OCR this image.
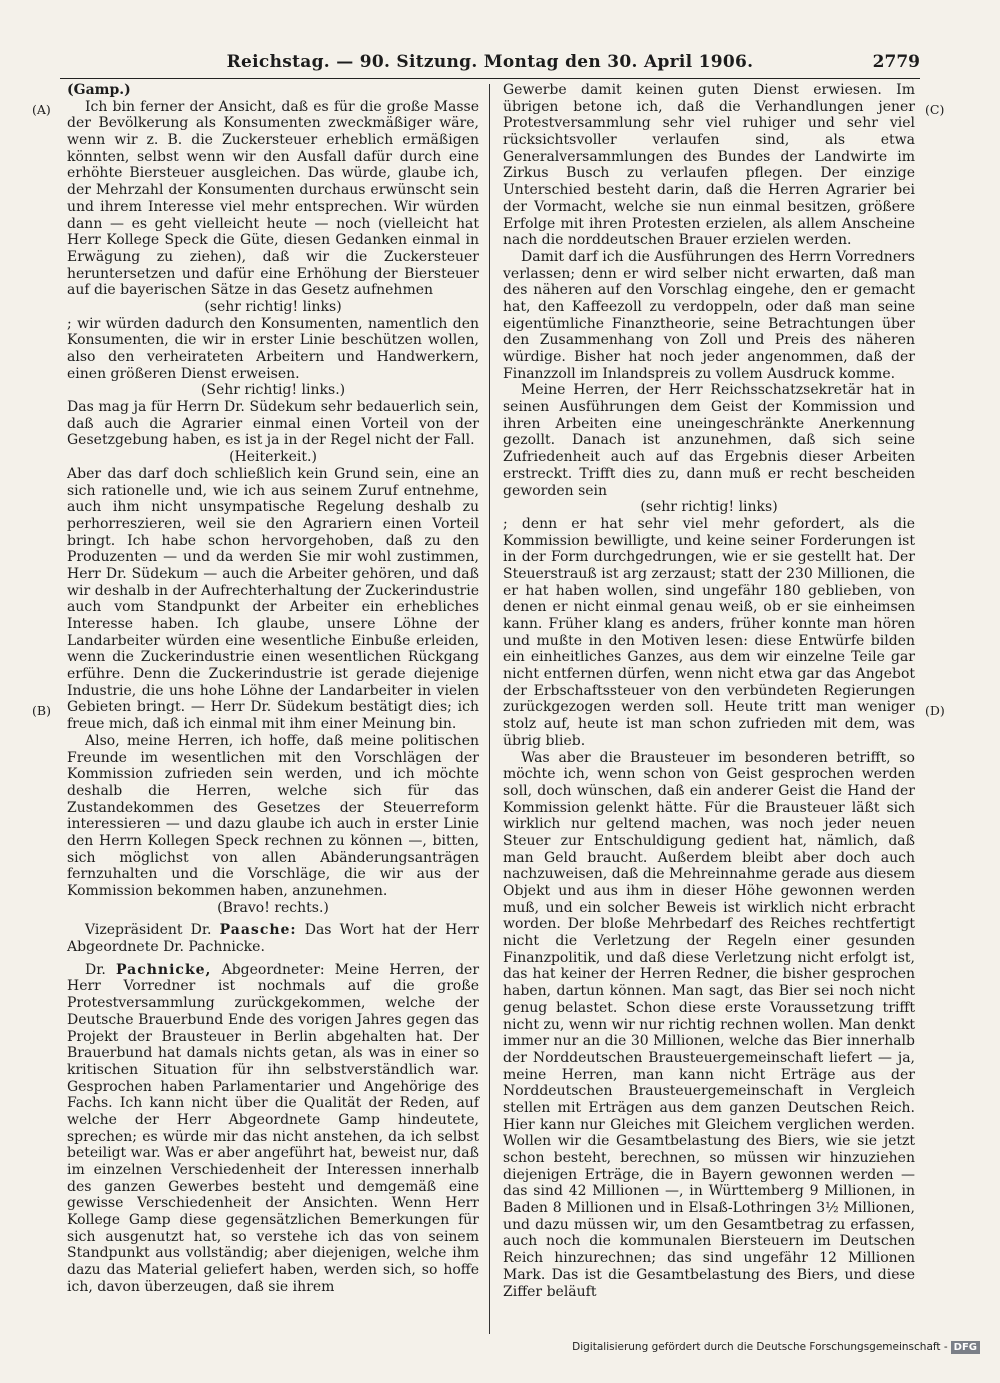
Reichstag. — 90. Sitzung. Montag den 30. April 1906.	2779
(A)
(B)
(C)
(D)

(Gamp.)

Ich bin ferner der Ansicht, daß es für die große Masse der Bevölkerung als Konsumenten zweckmäßiger wäre, wenn wir z. B. die Zuckersteuer erheblich ermäßigen könnten, selbst wenn wir den Ausfall dafür durch eine erhöhte Biersteuer ausgleichen. Das würde, glaube ich, der Mehrzahl der Konsumenten durchaus erwünscht sein und ihrem Interesse viel mehr entsprechen. Wir würden dann — es geht vielleicht heute — noch (vielleicht hat Herr Kollege Speck die Güte, diesen Gedanken einmal in Erwägung zu ziehen), daß wir die Zuckersteuer heruntersetzen und dafür eine Erhöhung der Biersteuer auf die bayerischen Sätze in das Gesetz aufnehmen

(sehr richtig! links)

; wir würden dadurch den Konsumenten, namentlich den Konsumenten, die wir in erster Linie beschützen wollen, also den verheirateten Arbeitern und Handwerkern, einen größeren Dienst erweisen.

(Sehr richtig! links.)

Das mag ja für Herrn Dr. Südekum sehr bedauerlich sein, daß auch die Agrarier einmal einen Vorteil von der Gesetzgebung haben, es ist ja in der Regel nicht der Fall.

(Heiterkeit.)

Aber das darf doch schließlich kein Grund sein, eine an sich rationelle und, wie ich aus seinem Zuruf entnehme, auch ihm nicht unsympatische Regelung deshalb zu perhorreszieren, weil sie den Agrariern einen Vorteil bringt. Ich habe schon hervorgehoben, daß zu den Produzenten — und da werden Sie mir wohl zustimmen, Herr Dr. Südekum — auch die Arbeiter gehören, und daß wir deshalb in der Aufrechterhaltung der Zuckerindustrie auch vom Standpunkt der Arbeiter ein erhebliches Interesse haben. Ich glaube, unsere Löhne der Landarbeiter würden eine wesentliche Einbuße erleiden, wenn die Zuckerindustrie einen wesentlichen Rückgang erführe. Denn die Zuckerindustrie ist gerade diejenige Industrie, die uns hohe Löhne der Landarbeiter in vielen Gebieten bringt. — Herr Dr. Südekum bestätigt dies; ich freue mich, daß ich einmal mit ihm einer Meinung bin.

Also, meine Herren, ich hoffe, daß meine politischen Freunde im wesentlichen mit den Vorschlägen der Kommission zufrieden sein werden, und ich möchte deshalb die Herren, welche sich für das Zustandekommen des Gesetzes der Steuerreform interessieren — und dazu glaube ich auch in erster Linie den Herrn Kollegen Speck rechnen zu können —, bitten, sich möglichst von allen Abänderungsanträgen fernzuhalten und die Vorschläge, die wir aus der Kommission bekommen haben, anzunehmen.

(Bravo! rechts.)

Vizepräsident Dr. Paasche: Das Wort hat der Herr Abgeordnete Dr. Pachnicke.

Dr. Pachnicke, Abgeordneter: Meine Herren, der Herr Vorredner ist nochmals auf die große Protestversammlung zurückgekommen, welche der Deutsche Brauerbund Ende des vorigen Jahres gegen das Projekt der Brausteuer in Berlin abgehalten hat. Der Brauerbund hat damals nichts getan, als was in einer so kritischen Situation für ihn selbstverständlich war. Gesprochen haben Parlamentarier und Angehörige des Fachs. Ich kann nicht über die Qualität der Reden, auf welche der Herr Abgeordnete Gamp hindeutete, sprechen; es würde mir das nicht anstehen, da ich selbst beteiligt war. Was er aber angeführt hat, beweist nur, daß im einzelnen Verschiedenheit der Interessen innerhalb des ganzen Gewerbes besteht und demgemäß eine gewisse Verschiedenheit der Ansichten. Wenn Herr Kollege Gamp diese gegensätzlichen Bemerkungen für sich ausgenutzt hat, so verstehe ich das von seinem Standpunkt aus vollständig; aber diejenigen, welche ihm dazu das Material geliefert haben, werden sich, so hoffe ich, davon überzeugen, daß sie ihrem

Gewerbe damit keinen guten Dienst erwiesen. Im übrigen betone ich, daß die Verhandlungen jener Protestversammlung sehr viel ruhiger und sehr viel rücksichtsvoller verlaufen sind, als etwa Generalversammlungen des Bundes der Landwirte im Zirkus Busch zu verlaufen pflegen. Der einzige Unterschied besteht darin, daß die Herren Agrarier bei der Vormacht, welche sie nun einmal besitzen, größere Erfolge mit ihren Protesten erzielen, als allem Anscheine nach die norddeutschen Brauer erzielen werden.

Damit darf ich die Ausführungen des Herrn Vorredners verlassen; denn er wird selber nicht erwarten, daß man des näheren auf den Vorschlag eingehe, den er gemacht hat, den Kaffeezoll zu verdoppeln, oder daß man seine eigentümliche Finanztheorie, seine Betrachtungen über den Zusammenhang von Zoll und Preis des näheren würdige. Bisher hat noch jeder angenommen, daß der Finanzzoll im Inlandspreis zu vollem Ausdruck komme.

Meine Herren, der Herr Reichsschatzsekretär hat in seinen Ausführungen dem Geist der Kommission und ihren Arbeiten eine uneingeschränkte Anerkennung gezollt. Danach ist anzunehmen, daß sich seine Zufriedenheit auch auf das Ergebnis dieser Arbeiten erstreckt. Trifft dies zu, dann muß er recht bescheiden geworden sein

(sehr richtig! links)

; denn er hat sehr viel mehr gefordert, als die Kommission bewilligte, und keine seiner Forderungen ist in der Form durchgedrungen, wie er sie gestellt hat. Der Steuerstrauß ist arg zerzaust; statt der 230 Millionen, die er hat haben wollen, sind ungefähr 180 geblieben, von denen er nicht einmal genau weiß, ob er sie einheimsen kann. Früher klang es anders, früher konnte man hören und mußte in den Motiven lesen: diese Entwürfe bilden ein einheitliches Ganzes, aus dem wir einzelne Teile gar nicht entfernen dürfen, wenn nicht etwa gar das Angebot der Erbschaftssteuer von den verbündeten Regierungen zurückgezogen werden soll. Heute tritt man weniger stolz auf, heute ist man schon zufrieden mit dem, was übrig blieb.

Was aber die Brausteuer im besonderen betrifft, so möchte ich, wenn schon von Geist gesprochen werden soll, doch wünschen, daß ein anderer Geist die Hand der Kommission gelenkt hätte. Für die Brausteuer läßt sich wirklich nur geltend machen, was noch jeder neuen Steuer zur Entschuldigung gedient hat, nämlich, daß man Geld braucht. Außerdem bleibt aber doch auch nachzuweisen, daß die Mehreinnahme gerade aus diesem Objekt und aus ihm in dieser Höhe gewonnen werden muß, und ein solcher Beweis ist wirklich nicht erbracht worden. Der bloße Mehrbedarf des Reiches rechtfertigt nicht die Verletzung der Regeln einer gesunden Finanzpolitik, und daß diese Verletzung nicht erfolgt ist, das hat keiner der Herren Redner, die bisher gesprochen haben, dartun können. Man sagt, das Bier sei noch nicht genug belastet. Schon diese erste Voraussetzung trifft nicht zu, wenn wir nur richtig rechnen wollen. Man denkt immer nur an die 30 Millionen, welche das Bier innerhalb der Norddeutschen Brausteuergemeinschaft liefert — ja, meine Herren, man kann nicht Erträge aus der Norddeutschen Brausteuergemeinschaft in Vergleich stellen mit Erträgen aus dem ganzen Deutschen Reich. Hier kann nur Gleiches mit Gleichem verglichen werden. Wollen wir die Gesamtbelastung des Biers, wie sie jetzt schon besteht, berechnen, so müssen wir hinzuziehen diejenigen Erträge, die in Bayern gewonnen werden — das sind 42 Millionen —, in Württemberg 9 Millionen, in Baden 8 Millionen und in Elsaß-Lothringen 3½ Millionen, und dazu müssen wir, um den Gesamtbetrag zu erfassen, auch noch die kommunalen Biersteuern im Deutschen Reich hinzurechnen; das sind ungefähr 12 Millionen Mark. Das ist die Gesamtbelastung des Biers, und diese Ziffer beläuft

Digitalisierung gefördert durch die Deutsche Forschungsgemeinschaft - DFG
